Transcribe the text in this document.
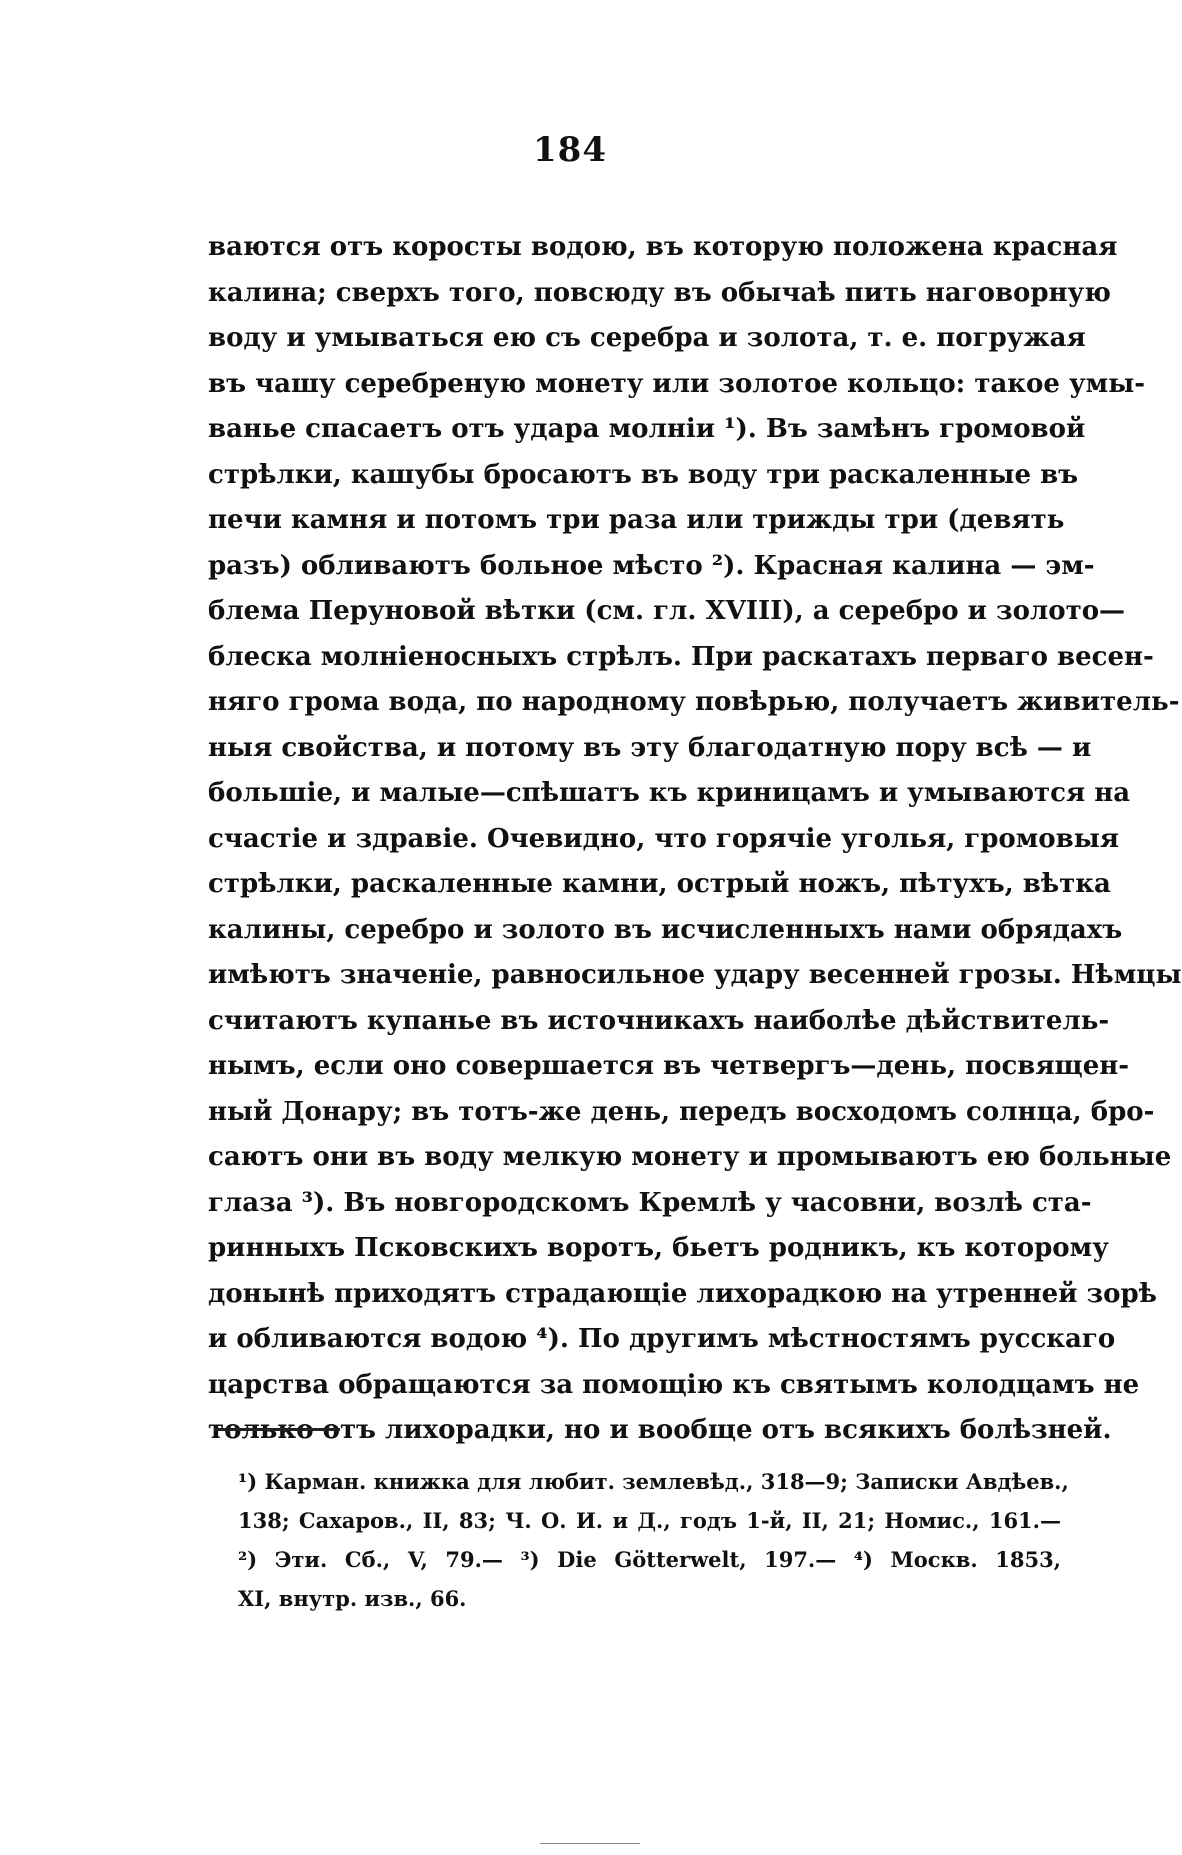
184
ваются отъ коросты водою, въ которую положена красная
калина; сверхъ того, повсюду въ обычаѣ пить наговорную
воду и умываться ею съ серебра и золота, т. е. погружая
въ чашу серебреную монету или золотое кольцо: такое умы-
ванье спасаетъ отъ удара молніи ¹). Въ замѣнъ громовой
стрѣлки, кашубы бросаютъ въ воду три раскаленные въ
печи камня и потомъ три раза или трижды три (девять
разъ) обливаютъ больное мѣсто ²). Красная калина — эм-
блема Перуновой вѣтки (см. гл. XVIII), а серебро и золото—
блеска молніеносныхъ стрѣлъ. При раскатахъ перваго весен-
няго грома вода, по народному повѣрью, получаетъ живитель-
ныя свойства, и потому въ эту благодатную пору всѣ — и
большіе, и малые—спѣшатъ къ криницамъ и умываются на
счастіе и здравіе. Очевидно, что горячіе уголья, громовыя
стрѣлки, раскаленные камни, острый ножъ, пѣтухъ, вѣтка
калины, серебро и золото въ исчисленныхъ нами обрядахъ
имѣютъ значеніе, равносильное удару весенней грозы. Нѣмцы
считаютъ купанье въ источникахъ наиболѣе дѣйствитель-
нымъ, если оно совершается въ четвергъ—день, посвящен-
ный Донару; въ тотъ-же день, передъ восходомъ солнца, бро-
саютъ они въ воду мелкую монету и промываютъ ею больные
глаза ³). Въ новгородскомъ Кремлѣ у часовни, возлѣ ста-
ринныхъ Псковскихъ воротъ, бьетъ родникъ, къ которому
донынѣ приходятъ страдающіе лихорадкою на утренней зорѣ
и обливаются водою ⁴). По другимъ мѣстностямъ русскаго
царства обращаются за помощію къ святымъ колодцамъ не
только отъ лихорадки, но и вообще отъ всякихъ болѣзней.
¹) Карман. книжка для любит. землевѣд., 318—9; Записки Авдѣев.,
138; Сахаров., II, 83; Ч. О. И. и Д., годъ 1-й, II, 21; Номис., 161.—
²) Эти. Сб., V, 79.— ³) Die Götterwelt, 197.— ⁴) Москв. 1853,
XI, внутр. изв., 66.
